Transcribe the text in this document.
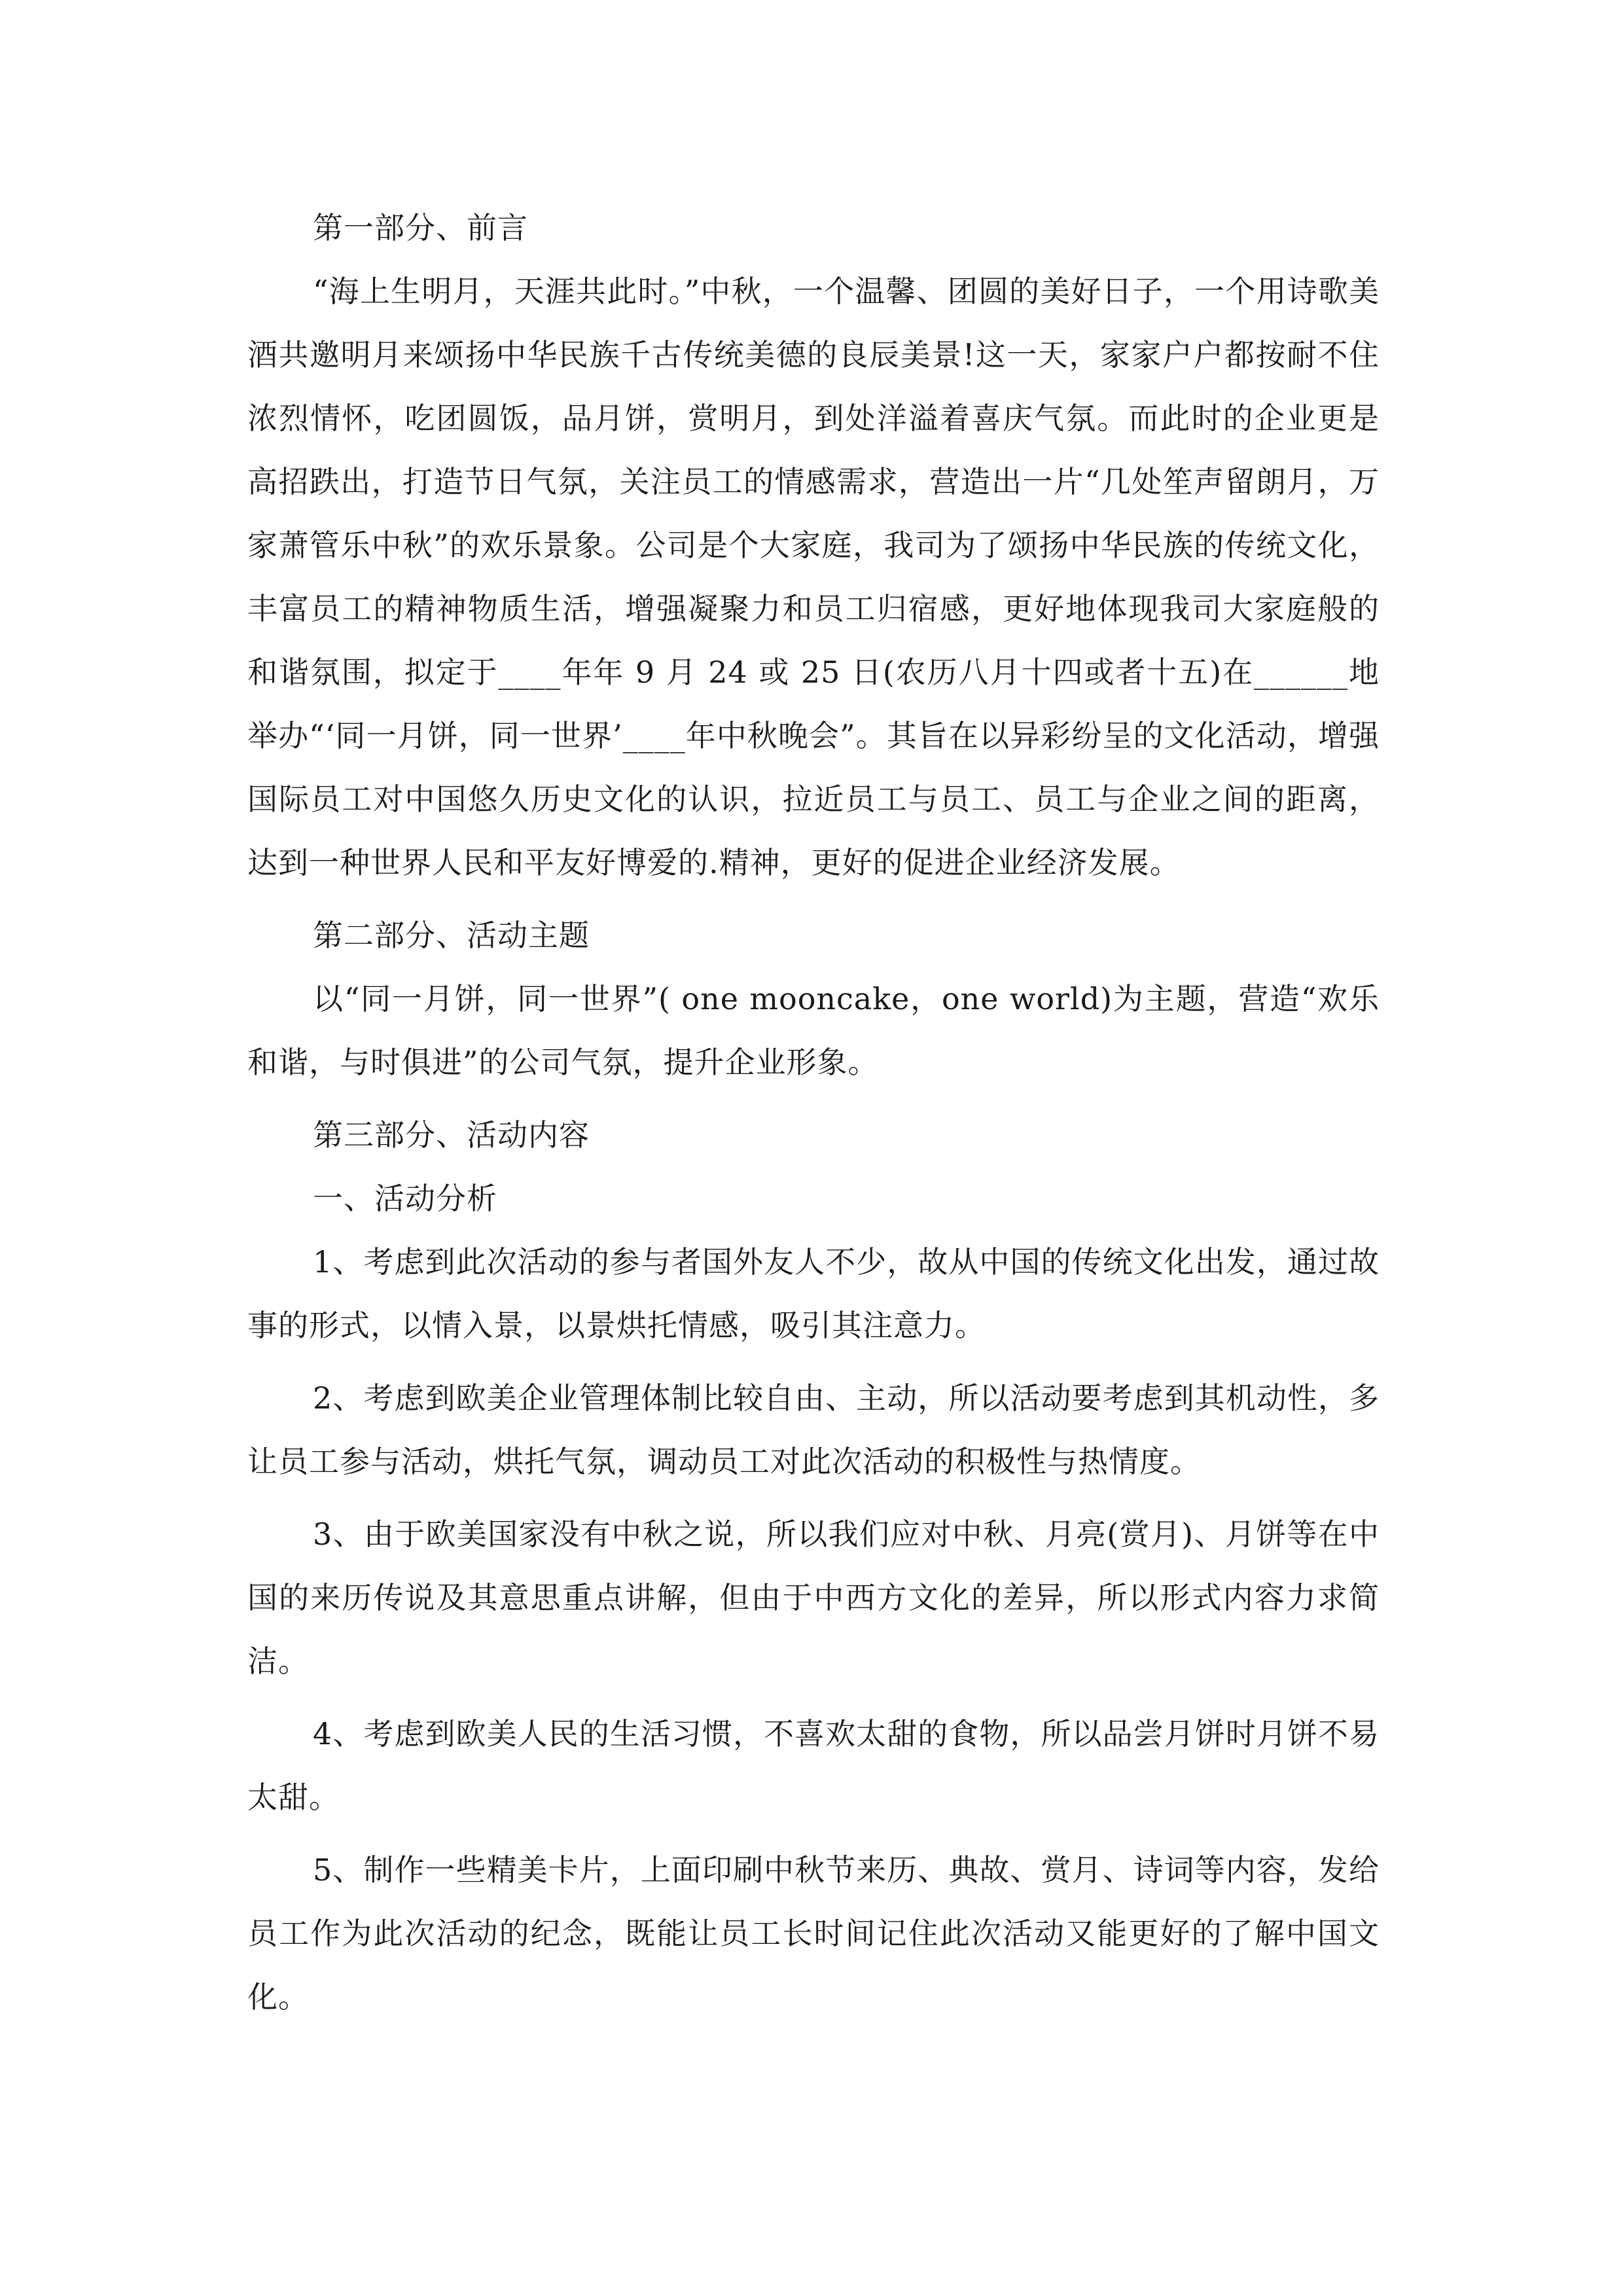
第一部分、前言

“海上生明月，天涯共此时。”中秋，一个温馨、团圆的美好日子，一个用诗歌美酒共邀明月来颂扬中华民族千古传统美德的良辰美景!这一天，家家户户都按耐不住浓烈情怀，吃团圆饭，品月饼，赏明月，到处洋溢着喜庆气氛。而此时的企业更是高招跌出，打造节日气氛，关注员工的情感需求，营造出一片“几处笙声留朗月，万家萧管乐中秋”的欢乐景象。公司是个大家庭，我司为了颂扬中华民族的传统文化，丰富员工的精神物质生活，增强凝聚力和员工归宿感，更好地体现我司大家庭般的和谐氛围，拟定于____年年 9 月 24 或 25 日(农历八月十四或者十五)在______地举办“‘同一月饼，同一世界’____年中秋晚会”。其旨在以异彩纷呈的文化活动，增强国际员工对中国悠久历史文化的认识，拉近员工与员工、员工与企业之间的距离，达到一种世界人民和平友好博爱的.精神，更好的促进企业经济发展。

第二部分、活动主题

以“同一月饼，同一世界”( one mooncake，one world)为主题，营造“欢乐和谐，与时俱进”的公司气氛，提升企业形象。

第三部分、活动内容

一、活动分析

1、考虑到此次活动的参与者国外友人不少，故从中国的传统文化出发，通过故事的形式，以情入景，以景烘托情感，吸引其注意力。

2、考虑到欧美企业管理体制比较自由、主动，所以活动要考虑到其机动性，多让员工参与活动，烘托气氛，调动员工对此次活动的积极性与热情度。

3、由于欧美国家没有中秋之说，所以我们应对中秋、月亮(赏月)、月饼等在中国的来历传说及其意思重点讲解，但由于中西方文化的差异，所以形式内容力求简洁。

4、考虑到欧美人民的生活习惯，不喜欢太甜的食物，所以品尝月饼时月饼不易太甜。

5、制作一些精美卡片，上面印刷中秋节来历、典故、赏月、诗词等内容，发给员工作为此次活动的纪念，既能让员工长时间记住此次活动又能更好的了解中国文化。
